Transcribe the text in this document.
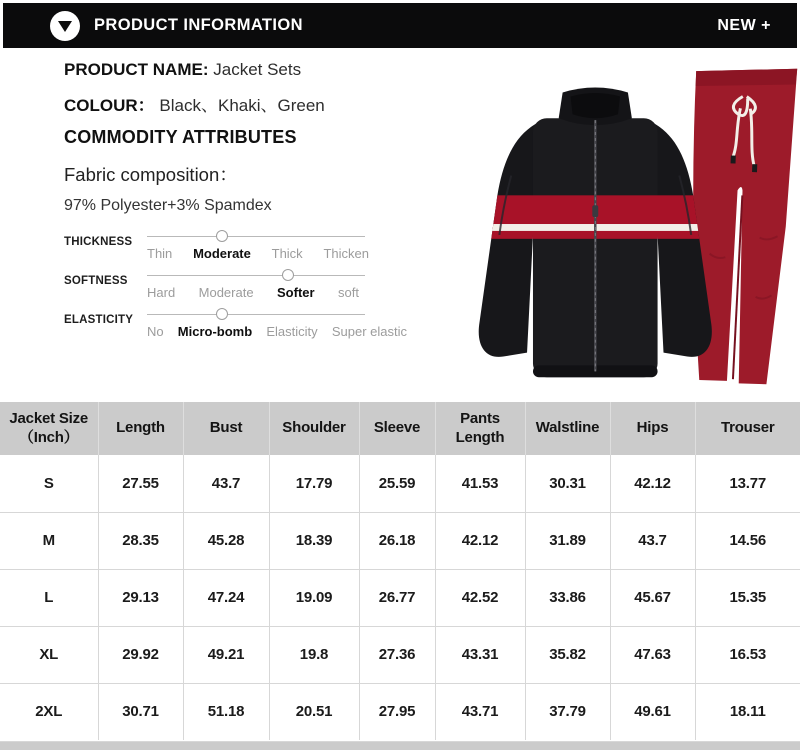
PRODUCT INFORMATION	NEW +
PRODUCT NAME: Jacket Sets
COLOUR： Black、Khaki、Green
COMMODITY ATTRIBUTES
Fabric composition：
97% Polyester+3% Spamdex
THICKNESS
Thin Moderate Thick Thicken
SOFTNESS
Hard Moderate Softer soft
ELASTICITY
No Micro-bomb Elasticity Super elastic
Jacket Size
（Inch）	Length	Bust	Shoulder	Sleeve	Pants Length	Walstline	Hips	Trouser
S	27.55	43.7	17.79	25.59	41.53	30.31	42.12	13.77
M	28.35	45.28	18.39	26.18	42.12	31.89	43.7	14.56
L	29.13	47.24	19.09	26.77	42.52	33.86	45.67	15.35
XL	29.92	49.21	19.8	27.36	43.31	35.82	47.63	16.53
2XL	30.71	51.18	20.51	27.95	43.71	37.79	49.61	18.11
